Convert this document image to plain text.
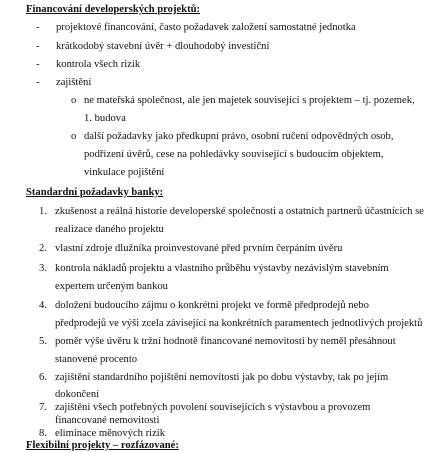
Financování developerských projektů:
- projektové financování, často požadavek založení samostatné jednotka
- krátkodobý stavební úvěr + dlouhodobý investiční
- kontrola všech rizik
- zajištění
o ne mateřská společnost, ale jen majetek související s projektem – tj. pozemek,
1. budova
o další požadavky jako předkupní právo, osobní ručení odpovědných osob,
podřízení úvěrů, cese na pohledávky související s budoucím objektem,
vinkulace pojištění
Standardní požadavky banky:
1. zkušenost a reálná historie developerské společnosti a ostatních partnerů účastnících se
realizace daného projektu
2. vlastní zdroje dlužníka proinvestované před prvním čerpáním úvěru
3. kontrola nákladů projektu a vlastního průběhu výstavby nezávislým stavebním
expertem určeným bankou
4. doložení budoucího zájmu o konkrétní projekt ve formě předprodejů nebo
předprodejů ve výši zcela závisející na konkrétních paramentech jednotlivých projektů
5. poměr výše úvěru k tržní hodnotě financované nemovitosti by neměl přesáhnout
stanovené procento
6. zajištění standardního pojištění nemovitosti jak po dobu výstavby, tak po jejím
dokončení
7. zajištění všech potřebných povolení souvisejících s výstavbou a provozem
financované nemovitosti
8. eliminace měnových rizik
Flexibilní projekty – rozfázované:
